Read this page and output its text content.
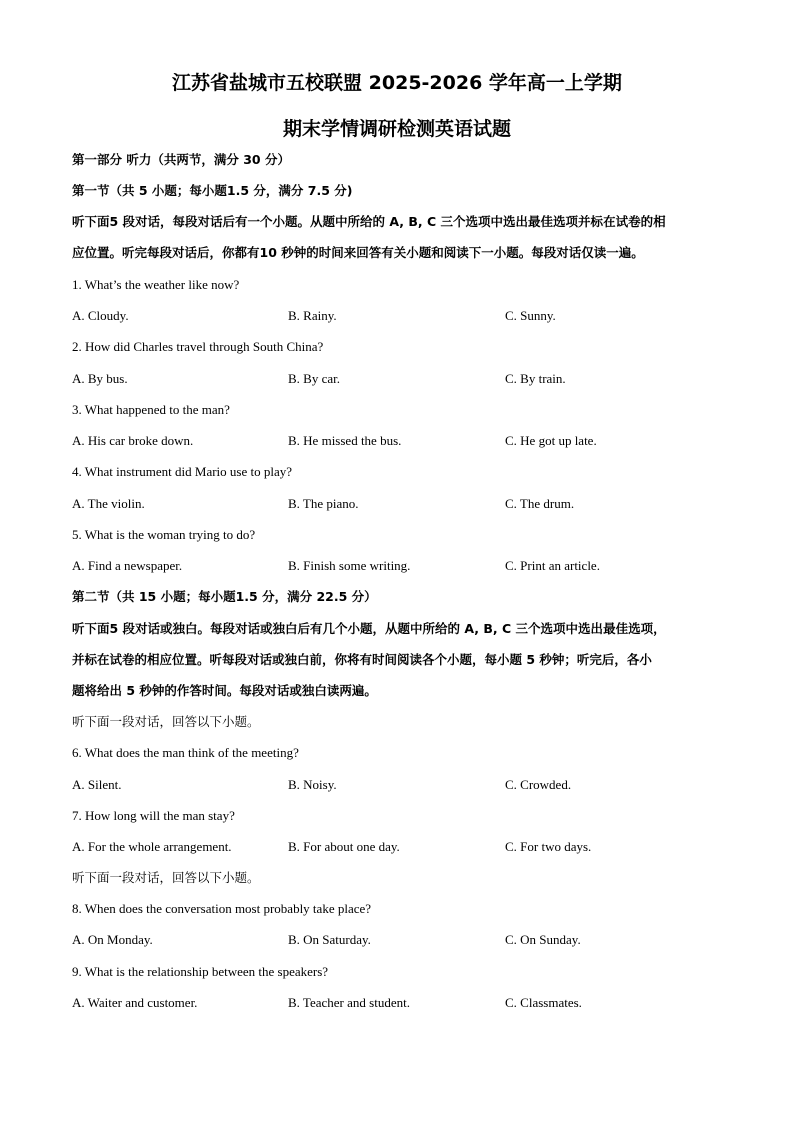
江苏省盐城市五校联盟 2025-2026 学年高一上学期
期末学情调研检测英语试题
第一部分 听力（共两节，满分 30 分）
第一节（共 5 小题；每小题1.5 分，满分 7.5 分)
听下面5 段对话，每段对话后有一个小题。从题中所给的 A, B, C 三个选项中选出最佳选项并标在试卷的相
应位置。听完每段对话后，你都有10 秒钟的时间来回答有关小题和阅读下一小题。每段对话仅读一遍。
1. What’s the weather like now?
A. Cloudy.	B. Rainy.	C. Sunny.
2. How did Charles travel through South China?
A. By bus.	B. By car.	C. By train.
3. What happened to the man?
A. His car broke down.	B. He missed the bus.	C. He got up late.
4. What instrument did Mario use to play?
A. The violin.	B. The piano.	C. The drum.
5. What is the woman trying to do?
A. Find a newspaper.	B. Finish some writing.	C. Print an article.
第二节（共 15 小题；每小题1.5 分，满分 22.5 分）
听下面5 段对话或独白。每段对话或独白后有几个小题，从题中所给的 A, B, C 三个选项中选出最佳选项，
并标在试卷的相应位置。听每段对话或独白前，你将有时间阅读各个小题，每小题 5 秒钟；听完后，各小
题将给出 5 秒钟的作答时间。每段对话或独白读两遍。
听下面一段对话，回答以下小题。
6. What does the man think of the meeting?
A. Silent.	B. Noisy.	C. Crowded.
7. How long will the man stay?
A. For the whole arrangement.	B. For about one day.	C. For two days.
听下面一段对话，回答以下小题。
8. When does the conversation most probably take place?
A. On Monday.	B. On Saturday.	C. On Sunday.
9. What is the relationship between the speakers?
A. Waiter and customer.	B. Teacher and student.	C. Classmates.
